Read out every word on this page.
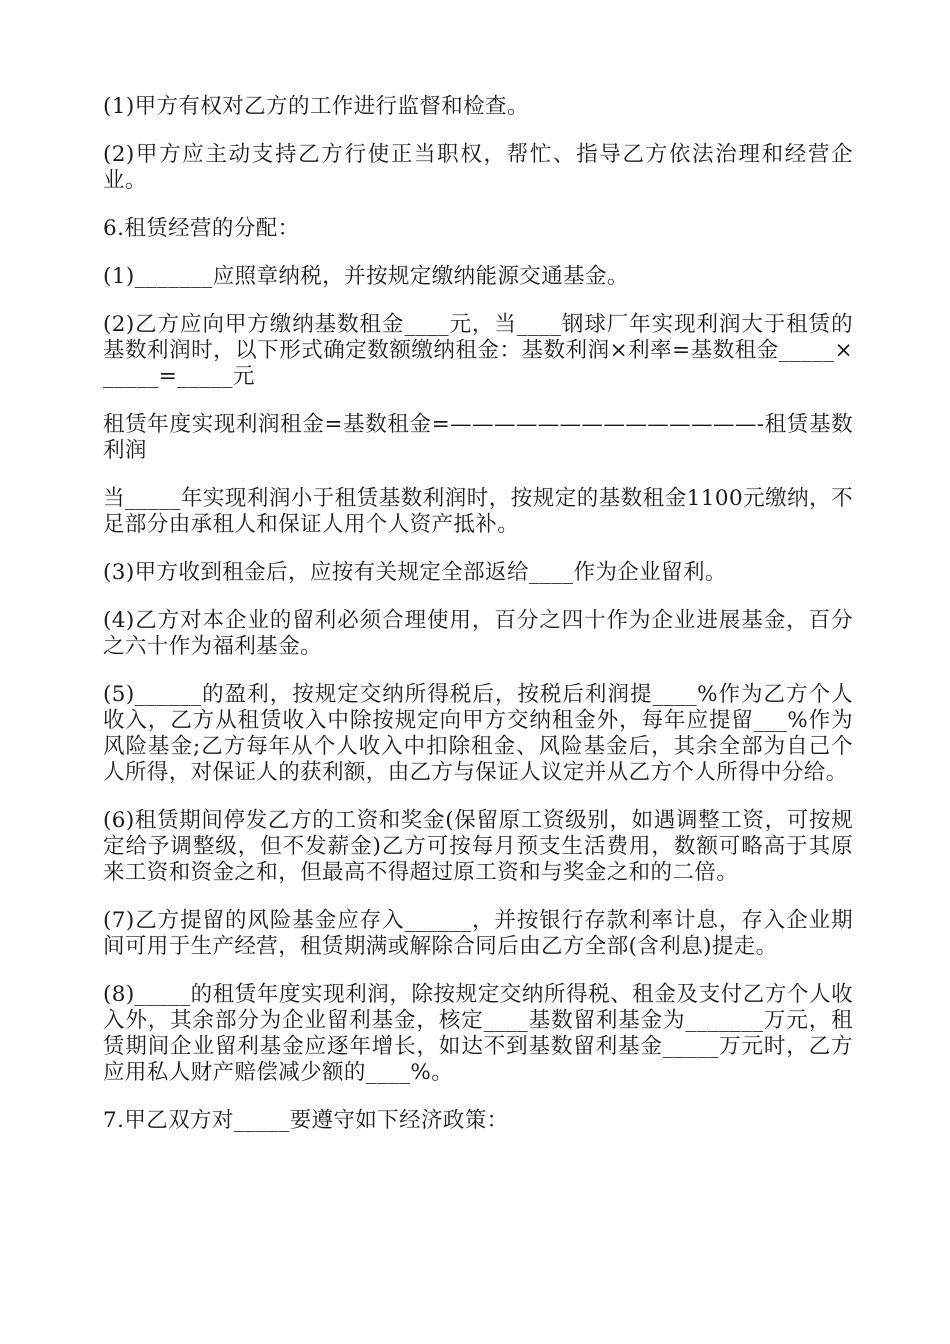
(1)甲方有权对乙方的工作进行监督和检查。

(2)甲方应主动支持乙方行使正当职权，帮忙、指导乙方依法治理和经营企业。

6.租赁经营的分配：

(1)_______应照章纳税，并按规定缴纳能源交通基金。

(2)乙方应向甲方缴纳基数租金____元，当____钢球厂年实现利润大于租赁的基数利润时，以下形式确定数额缴纳租金：基数利润×利率=基数租金_____×_____=_____元

租赁年度实现利润租金=基数租金=——————————————-租赁基数利润

当_____年实现利润小于租赁基数利润时，按规定的基数租金1100元缴纳，不足部分由承租人和保证人用个人资产抵补。

(3)甲方收到租金后，应按有关规定全部返给____作为企业留利。

(4)乙方对本企业的留利必须合理使用，百分之四十作为企业进展基金，百分之六十作为福利基金。

(5)______的盈利，按规定交纳所得税后，按税后利润提____%作为乙方个人收入，乙方从租赁收入中除按规定向甲方交纳租金外，每年应提留___%作为风险基金;乙方每年从个人收入中扣除租金、风险基金后，其余全部为自己个人所得，对保证人的获利额，由乙方与保证人议定并从乙方个人所得中分给。

(6)租赁期间停发乙方的工资和奖金(保留原工资级别，如遇调整工资，可按规定给予调整级，但不发薪金)乙方可按每月预支生活费用，数额可略高于其原来工资和资金之和，但最高不得超过原工资和与奖金之和的二倍。

(7)乙方提留的风险基金应存入______，并按银行存款利率计息，存入企业期间可用于生产经营，租赁期满或解除合同后由乙方全部(含利息)提走。

(8)_____的租赁年度实现利润，除按规定交纳所得税、租金及支付乙方个人收入外，其余部分为企业留利基金，核定____基数留利基金为_______万元，租赁期间企业留利基金应逐年增长，如达不到基数留利基金_____万元时，乙方应用私人财产赔偿减少额的____%。

7.甲乙双方对_____要遵守如下经济政策：
